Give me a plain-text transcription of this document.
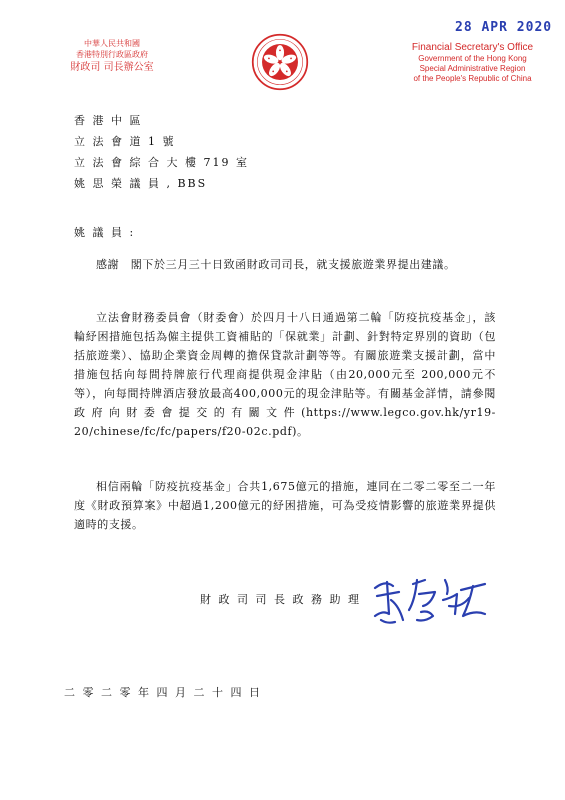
28 APR 2020
中華人民共和國
香港特別行政區政府
財政司 司長辦公室
Financial Secretary's Office
Government of the Hong Kong
Special Administrative Region
of the People's Republic of China
香 港 中 區
立 法 會 道 1 號
立 法 會 綜 合 大 樓 719 室
姚 思 榮 議 員 , BBS
姚 議 員 :
感謝　閣下於三月三十日致函財政司司長，就支援旅遊業界提出建議。
立法會財務委員會（財委會）於四月十八日通過第二輪「防疫抗疫基金」，該輪紓困措施包括為僱主提供工資補貼的「保就業」計劃、針對特定界別的資助（包括旅遊業）、協助企業資金周轉的擔保貸款計劃等等。有關旅遊業支援計劃，當中措施包括向每間持牌旅行代理商提供現金津貼（由20,000元至 200,000元不等），向每間持牌酒店發放最高400,000元的現金津貼等。有關基金詳情，請參閱政府向財委會提交的有關文件(https://www.legco.gov.hk/yr19-20/chinese/fc/fc/papers/f20-02c.pdf)。
相信兩輪「防疫抗疫基金」合共1,675億元的措施，連同在二零二零至二一年度《財政預算案》中超過1,200億元的紓困措施，可為受疫情影響的旅遊業界提供適時的支援。
財 政 司 司 長 政 務 助 理
二 零 二 零 年 四 月 二 十 四 日
